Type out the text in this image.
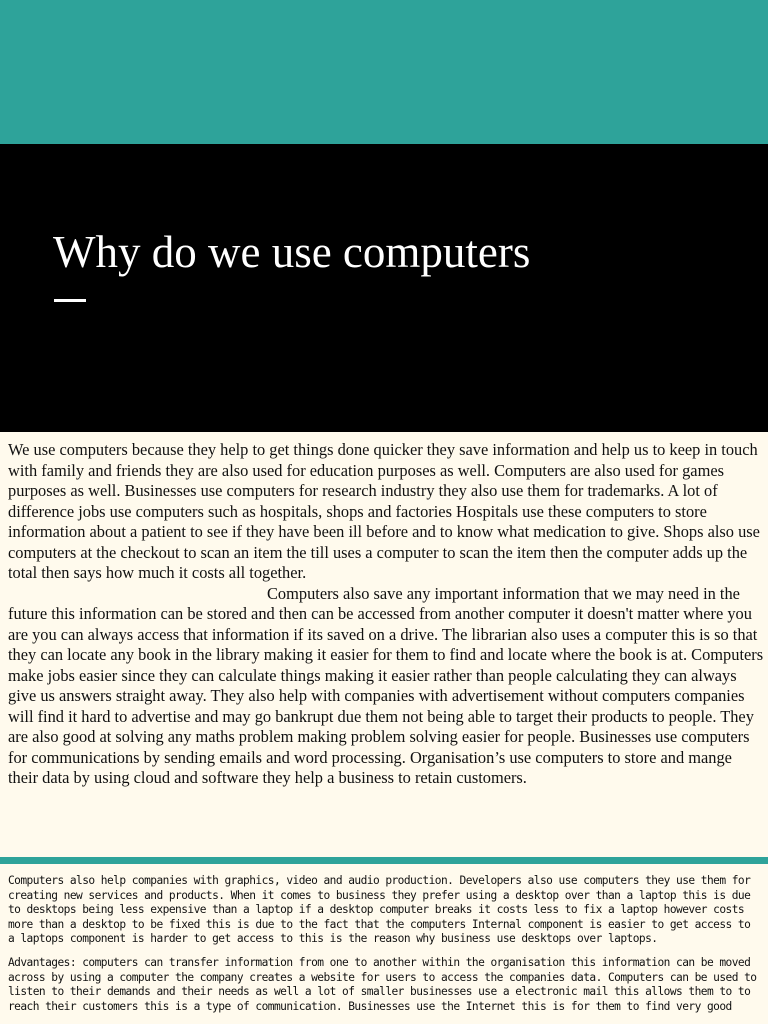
Why do we use computers

We use computers because they help to get things done quicker they save information and help us to keep in touch with family and friends they are also used for education purposes as well. Computers are also used for games purposes as well. Businesses use computers for research industry they also use them for trademarks. A lot of difference jobs use computers such as hospitals, shops and factories Hospitals use these computers to store information about a patient to see if they have been ill before and to know what medication to give. Shops also use computers at the checkout to scan an item the till uses a computer to scan the item then the computer adds up the total then says how much it costs all together.

Computers also save any important information that we may need in the future this information can be stored and then can be accessed from another computer it doesn't matter where you are you can always access that information if its saved on a drive. The librarian also uses a computer this is so that they can locate any book in the library making it easier for them to find and locate where the book is at. Computers make jobs easier since they can calculate things making it easier rather than people calculating they can always give us answers straight away. They also help with companies with advertisement without computers companies will find it hard to advertise and may go bankrupt due them not being able to target their products to people. They are also good at solving any maths problem making problem solving easier for people. Businesses use computers for communications by sending emails and word processing. Organisation’s use computers to store and mange their data by using cloud and software they help a business to retain customers.

Computers also help companies with graphics, video and audio production. Developers also use computers they use them for creating new services and products. When it comes to business they prefer using a desktop over than a laptop this is due to desktops being less expensive than a laptop if a desktop computer breaks it costs less to fix a laptop however costs more than a desktop to be fixed this is due to the fact that the computers Internal component is easier to get access to a laptops component is harder to get access to this is the reason why business use desktops over laptops.

Advantages: computers can transfer information from one to another within the organisation this information can be moved across by using a computer the company creates a website for users to access the companies data. Computers can be used to listen to their demands and their needs as well a lot of smaller businesses use a electronic mail this allows them to to reach their customers this is a type of communication. Businesses use the Internet this is for them to find very good
